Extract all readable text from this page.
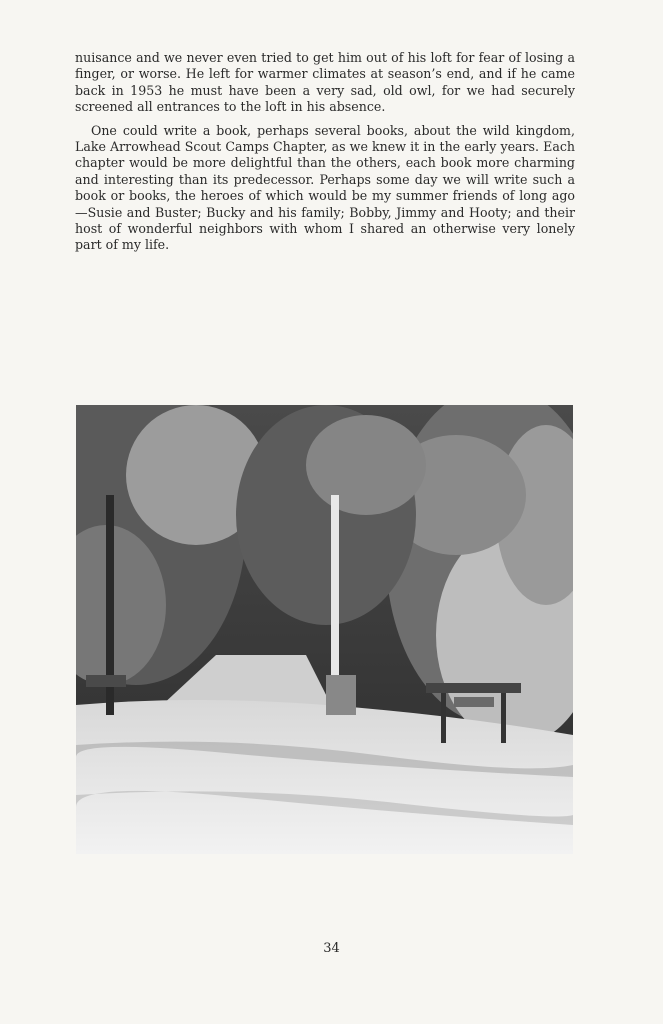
nuisance and we never even tried to get him out of his loft for fear of losing a finger, or worse. He left for warmer climates at season’s end, and if he came back in 1953 he must have been a very sad, old owl, for we had securely screened all entrances to the loft in his absence.

One could write a book, perhaps several books, about the wild kingdom, Lake Arrowhead Scout Camps Chapter, as we knew it in the early years. Each chapter would be more delightful than the others, each book more charming and interesting than its predecessor. Perhaps some day we will write such a book or books, the heroes of which would be my summer friends of long ago—Susie and Buster; Bucky and his family; Bobby, Jimmy and Hooty; and their host of wonderful neighbors with whom I shared an otherwise very lonely part of my life.

34
